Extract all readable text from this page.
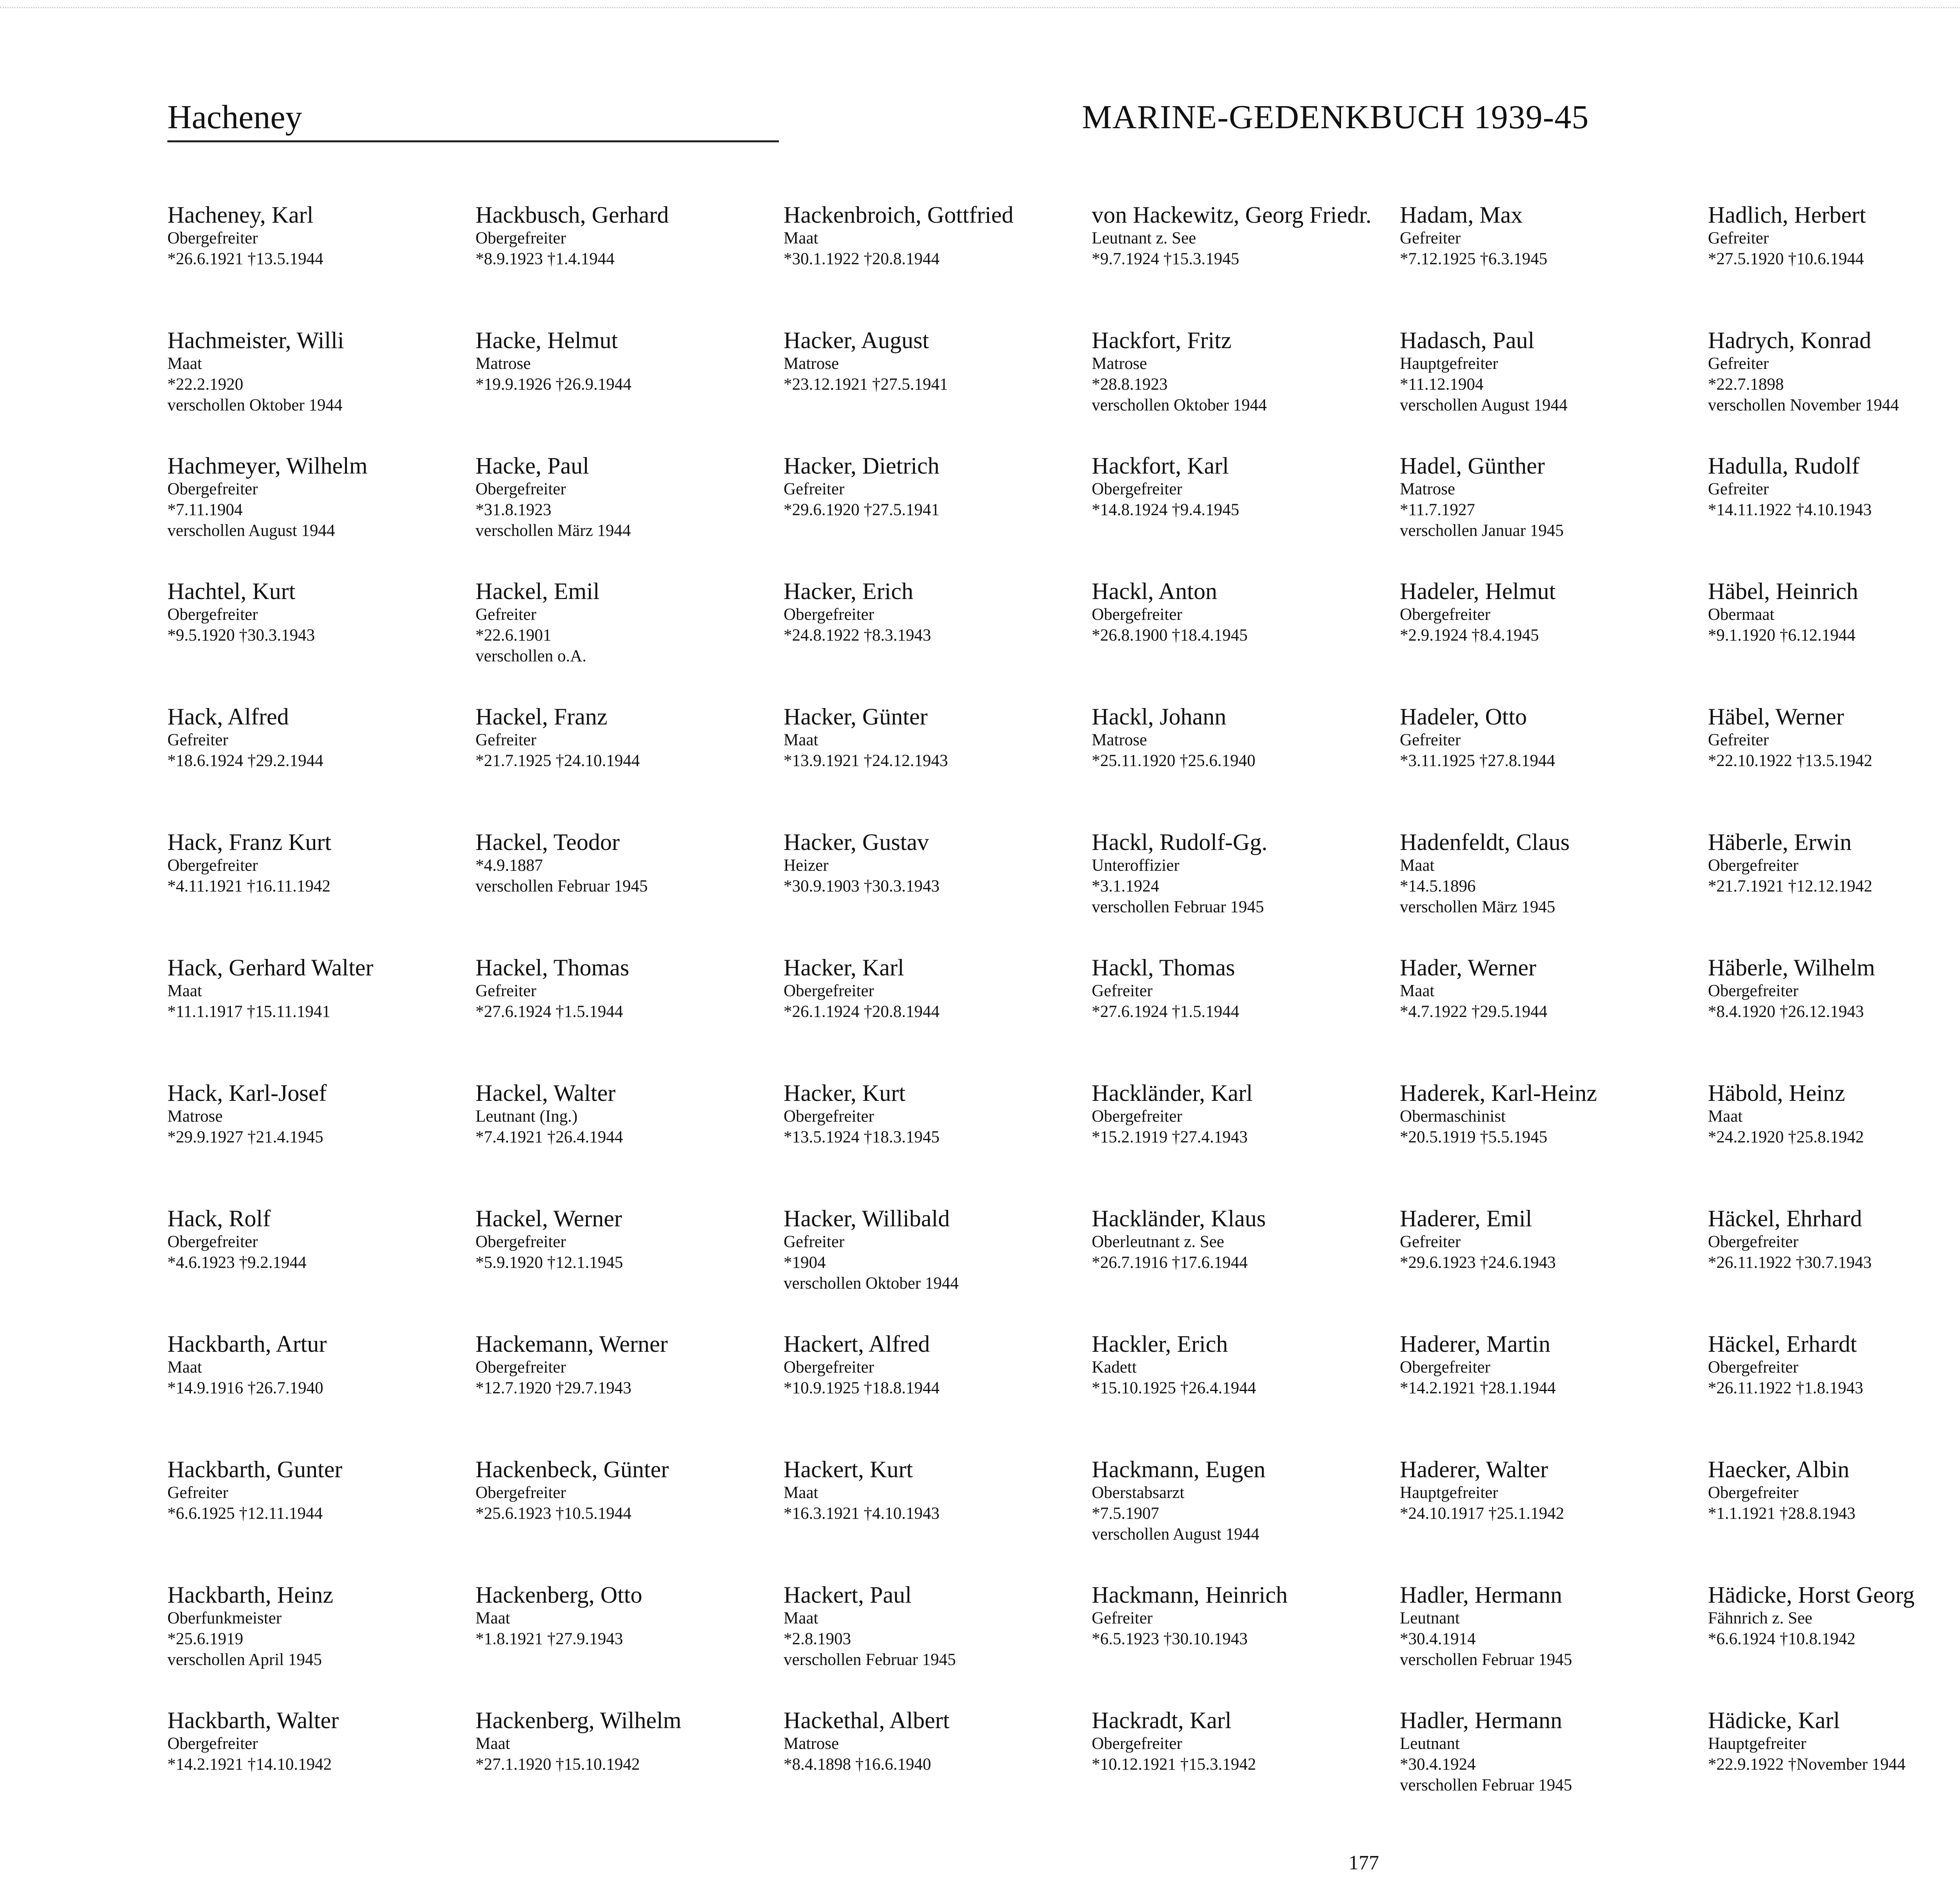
Hacheney	MARINE-GEDENKBUCH 1939-45
Hacheney, Karl
Obergefreiter
*26.6.1921 †13.5.1944
Hachmeister, Willi
Maat
*22.2.1920
verschollen Oktober 1944
Hachmeyer, Wilhelm
Obergefreiter
*7.11.1904
verschollen August 1944
Hachtel, Kurt
Obergefreiter
*9.5.1920 †30.3.1943
Hack, Alfred
Gefreiter
*18.6.1924 †29.2.1944
Hack, Franz Kurt
Obergefreiter
*4.11.1921 †16.11.1942
Hack, Gerhard Walter
Maat
*11.1.1917 †15.11.1941
Hack, Karl-Josef
Matrose
*29.9.1927 †21.4.1945
Hack, Rolf
Obergefreiter
*4.6.1923 †9.2.1944
Hackbarth, Artur
Maat
*14.9.1916 †26.7.1940
Hackbarth, Gunter
Gefreiter
*6.6.1925 †12.11.1944
Hackbarth, Heinz
Oberfunkmeister
*25.6.1919
verschollen April 1945
Hackbarth, Walter
Obergefreiter
*14.2.1921 †14.10.1942
Hackbusch, Gerhard
Obergefreiter
*8.9.1923 †1.4.1944
Hacke, Helmut
Matrose
*19.9.1926 †26.9.1944
Hacke, Paul
Obergefreiter
*31.8.1923
verschollen März 1944
Hackel, Emil
Gefreiter
*22.6.1901
verschollen o.A.
Hackel, Franz
Gefreiter
*21.7.1925 †24.10.1944
Hackel, Teodor
*4.9.1887
verschollen Februar 1945
Hackel, Thomas
Gefreiter
*27.6.1924 †1.5.1944
Hackel, Walter
Leutnant (Ing.)
*7.4.1921 †26.4.1944
Hackel, Werner
Obergefreiter
*5.9.1920 †12.1.1945
Hackemann, Werner
Obergefreiter
*12.7.1920 †29.7.1943
Hackenbeck, Günter
Obergefreiter
*25.6.1923 †10.5.1944
Hackenberg, Otto
Maat
*1.8.1921 †27.9.1943
Hackenberg, Wilhelm
Maat
*27.1.1920 †15.10.1942
Hackenbroich, Gottfried
Maat
*30.1.1922 †20.8.1944
Hacker, August
Matrose
*23.12.1921 †27.5.1941
Hacker, Dietrich
Gefreiter
*29.6.1920 †27.5.1941
Hacker, Erich
Obergefreiter
*24.8.1922 †8.3.1943
Hacker, Günter
Maat
*13.9.1921 †24.12.1943
Hacker, Gustav
Heizer
*30.9.1903 †30.3.1943
Hacker, Karl
Obergefreiter
*26.1.1924 †20.8.1944
Hacker, Kurt
Obergefreiter
*13.5.1924 †18.3.1945
Hacker, Willibald
Gefreiter
*1904
verschollen Oktober 1944
Hackert, Alfred
Obergefreiter
*10.9.1925 †18.8.1944
Hackert, Kurt
Maat
*16.3.1921 †4.10.1943
Hackert, Paul
Maat
*2.8.1903
verschollen Februar 1945
Hackethal, Albert
Matrose
*8.4.1898 †16.6.1940
von Hackewitz, Georg Friedr.
Leutnant z. See
*9.7.1924 †15.3.1945
Hackfort, Fritz
Matrose
*28.8.1923
verschollen Oktober 1944
Hackfort, Karl
Obergefreiter
*14.8.1924 †9.4.1945
Hackl, Anton
Obergefreiter
*26.8.1900 †18.4.1945
Hackl, Johann
Matrose
*25.11.1920 †25.6.1940
Hackl, Rudolf-Gg.
Unteroffizier
*3.1.1924
verschollen Februar 1945
Hackl, Thomas
Gefreiter
*27.6.1924 †1.5.1944
Hackländer, Karl
Obergefreiter
*15.2.1919 †27.4.1943
Hackländer, Klaus
Oberleutnant z. See
*26.7.1916 †17.6.1944
Hackler, Erich
Kadett
*15.10.1925 †26.4.1944
Hackmann, Eugen
Oberstabsarzt
*7.5.1907
verschollen August 1944
Hackmann, Heinrich
Gefreiter
*6.5.1923 †30.10.1943
Hackradt, Karl
Obergefreiter
*10.12.1921 †15.3.1942
Hadam, Max
Gefreiter
*7.12.1925 †6.3.1945
Hadasch, Paul
Hauptgefreiter
*11.12.1904
verschollen August 1944
Hadel, Günther
Matrose
*11.7.1927
verschollen Januar 1945
Hadeler, Helmut
Obergefreiter
*2.9.1924 †8.4.1945
Hadeler, Otto
Gefreiter
*3.11.1925 †27.8.1944
Hadenfeldt, Claus
Maat
*14.5.1896
verschollen März 1945
Hader, Werner
Maat
*4.7.1922 †29.5.1944
Haderek, Karl-Heinz
Obermaschinist
*20.5.1919 †5.5.1945
Haderer, Emil
Gefreiter
*29.6.1923 †24.6.1943
Haderer, Martin
Obergefreiter
*14.2.1921 †28.1.1944
Haderer, Walter
Hauptgefreiter
*24.10.1917 †25.1.1942
Hadler, Hermann
Leutnant
*30.4.1914
verschollen Februar 1945
Hadler, Hermann
Leutnant
*30.4.1924
verschollen Februar 1945
Hadlich, Herbert
Gefreiter
*27.5.1920 †10.6.1944
Hadrych, Konrad
Gefreiter
*22.7.1898
verschollen November 1944
Hadulla, Rudolf
Gefreiter
*14.11.1922 †4.10.1943
Häbel, Heinrich
Obermaat
*9.1.1920 †6.12.1944
Häbel, Werner
Gefreiter
*22.10.1922 †13.5.1942
Häberle, Erwin
Obergefreiter
*21.7.1921 †12.12.1942
Häberle, Wilhelm
Obergefreiter
*8.4.1920 †26.12.1943
Häbold, Heinz
Maat
*24.2.1920 †25.8.1942
Häckel, Ehrhard
Obergefreiter
*26.11.1922 †30.7.1943
Häckel, Erhardt
Obergefreiter
*26.11.1922 †1.8.1943
Haecker, Albin
Obergefreiter
*1.1.1921 †28.8.1943
Hädicke, Horst Georg
Fähnrich z. See
*6.6.1924 †10.8.1942
Hädicke, Karl
Hauptgefreiter
*22.9.1922 †November 1944
177
